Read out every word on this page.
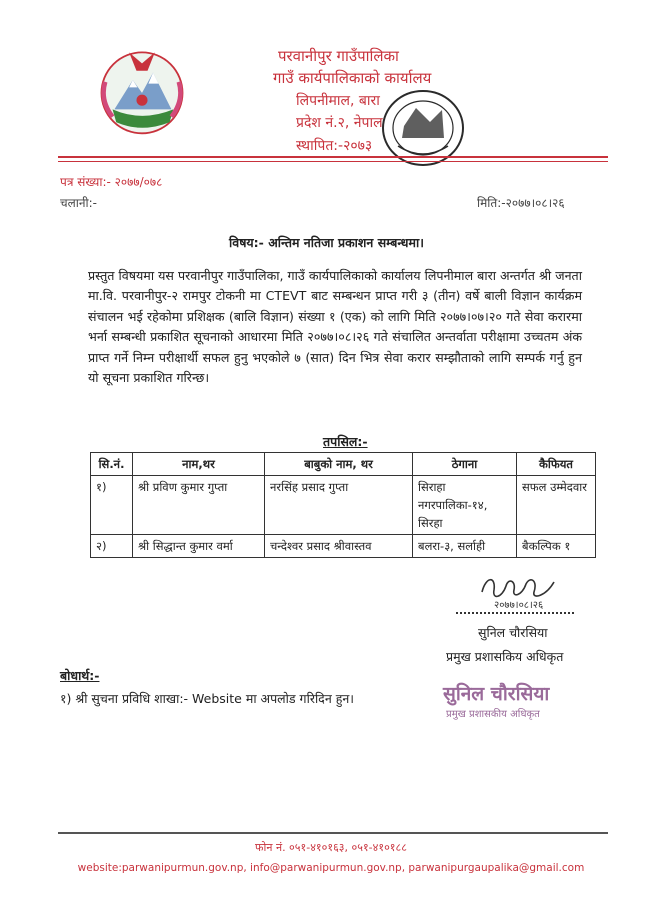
परवानीपुर गाउँपालिका
गाउँ कार्यपालिकाको कार्यालय
लिपनीमाल, बारा
प्रदेश नं.२, नेपाल
स्थापित:-२०७३
पत्र संख्या:- २०७७/०७८
चलानी:-	मिति:-२०७७।०८।२६
विषय:- अन्तिम नतिजा प्रकाशन सम्बन्धमा।
प्रस्तुत विषयमा यस परवानीपुर गाउँपालिका, गाउँ कार्यपालिकाको कार्यालय लिपनीमाल बारा अन्तर्गत श्री जनता मा.वि. परवानीपुर-२ रामपुर टोकनी मा CTEVT बाट सम्बन्धन प्राप्त गरी ३ (तीन) वर्षे बाली विज्ञान कार्यक्रम संचालन भई रहेकोमा प्रशिक्षक (बालि विज्ञान) संख्या १ (एक) को लागि मिति २०७७।०७।२० गते सेवा करारमा भर्ना सम्बन्धी प्रकाशित सूचनाको आधारमा मिति २०७७।०८।२६ गते संचालित अन्तर्वाता परीक्षामा उच्चतम अंक प्राप्त गर्ने निम्न परीक्षार्थी सफल हुनु भएकोले ७ (सात) दिन भित्र सेवा करार सम्झौताको लागि सम्पर्क गर्नु हुन यो सूचना प्रकाशित गरिन्छ।
तपसिल:-
सि.नं.	नाम,थर	बाबुको नाम, थर	ठेगाना	कैफियत
१)	श्री प्रविण कुमार गुप्ता	नरसिंह प्रसाद गुप्ता	सिराहा नगरपालिका-१४, सिरहा	सफल उम्मेदवार
२)	श्री सिद्धान्त कुमार वर्मा	चन्देश्वर प्रसाद श्रीवास्तव	बलरा-३, सर्लाही	बैकल्पिक १
२०७७।०८।२६
सुनिल चौरसिया
प्रमुख प्रशासकिय अधिकृत
बोधार्थ:-
१) श्री सुचना प्रविधि शाखा:- Website मा अपलोड गरिदिन हुन।	सुनिल चौरसिया
प्रमुख प्रशासकीय अधिकृत
फोन नं. ०५१-४१०१६३, ०५१-४१०१८८
website:parwanipurmun.gov.np, info@parwanipurmun.gov.np, parwanipurgaupalika@gmail.com
